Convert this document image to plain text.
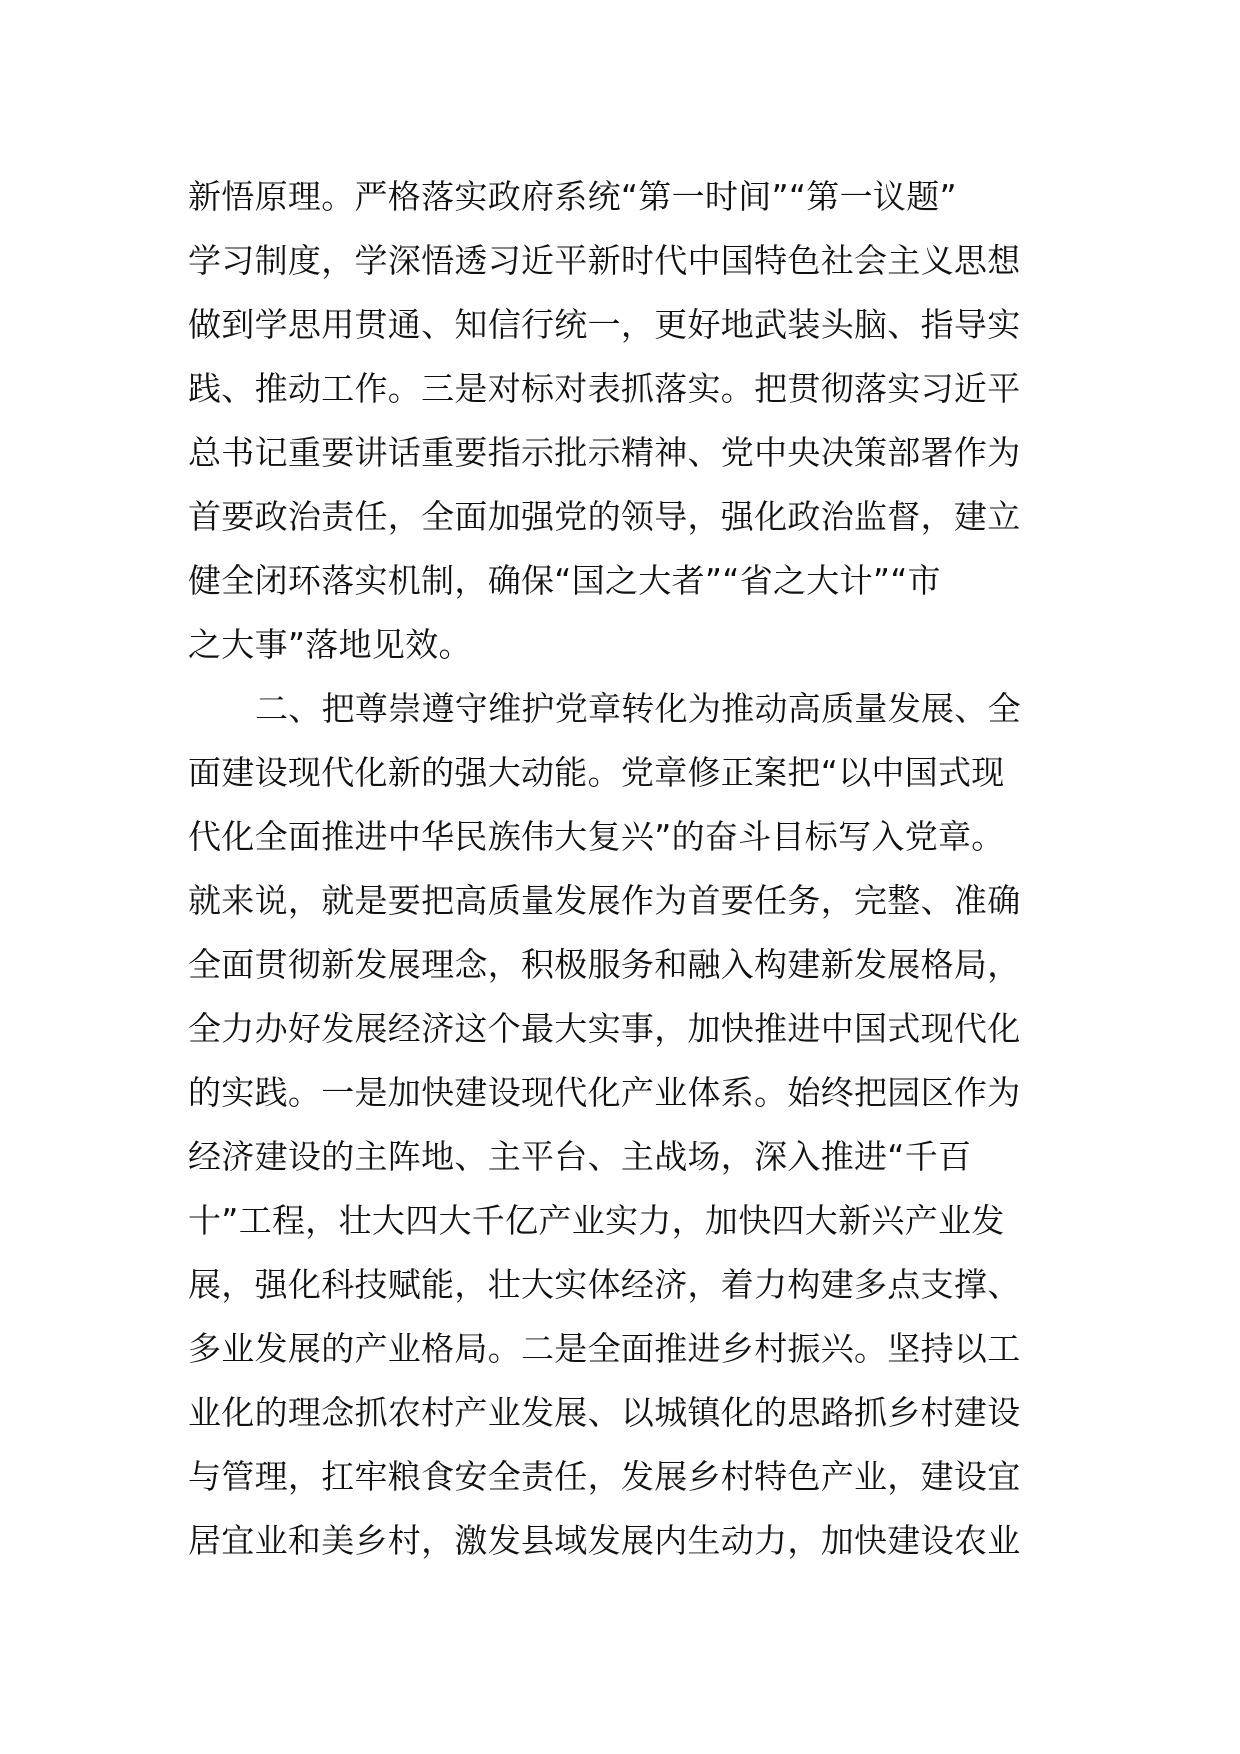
新悟原理。严格落实政府系统“第一时间”“第一议题”
学习制度，学深悟透习近平新时代中国特色社会主义思想
做到学思用贯通、知信行统一，更好地武装头脑、指导实
践、推动工作。三是对标对表抓落实。把贯彻落实习近平
总书记重要讲话重要指示批示精神、党中央决策部署作为
首要政治责任，全面加强党的领导，强化政治监督，建立
健全闭环落实机制，确保“国之大者”“省之大计”“市
之大事”落地见效。
二、把尊崇遵守维护党章转化为推动高质量发展、全
面建设现代化新的强大动能。党章修正案把“以中国式现
代化全面推进中华民族伟大复兴”的奋斗目标写入党章。
就来说，就是要把高质量发展作为首要任务，完整、准确
全面贯彻新发展理念，积极服务和融入构建新发展格局，
全力办好发展经济这个最大实事，加快推进中国式现代化
的实践。一是加快建设现代化产业体系。始终把园区作为
经济建设的主阵地、主平台、主战场，深入推进“千百
十”工程，壮大四大千亿产业实力，加快四大新兴产业发
展，强化科技赋能，壮大实体经济，着力构建多点支撑、
多业发展的产业格局。二是全面推进乡村振兴。坚持以工
业化的理念抓农村产业发展、以城镇化的思路抓乡村建设
与管理，扛牢粮食安全责任，发展乡村特色产业，建设宜
居宜业和美乡村，激发县域发展内生动力，加快建设农业
